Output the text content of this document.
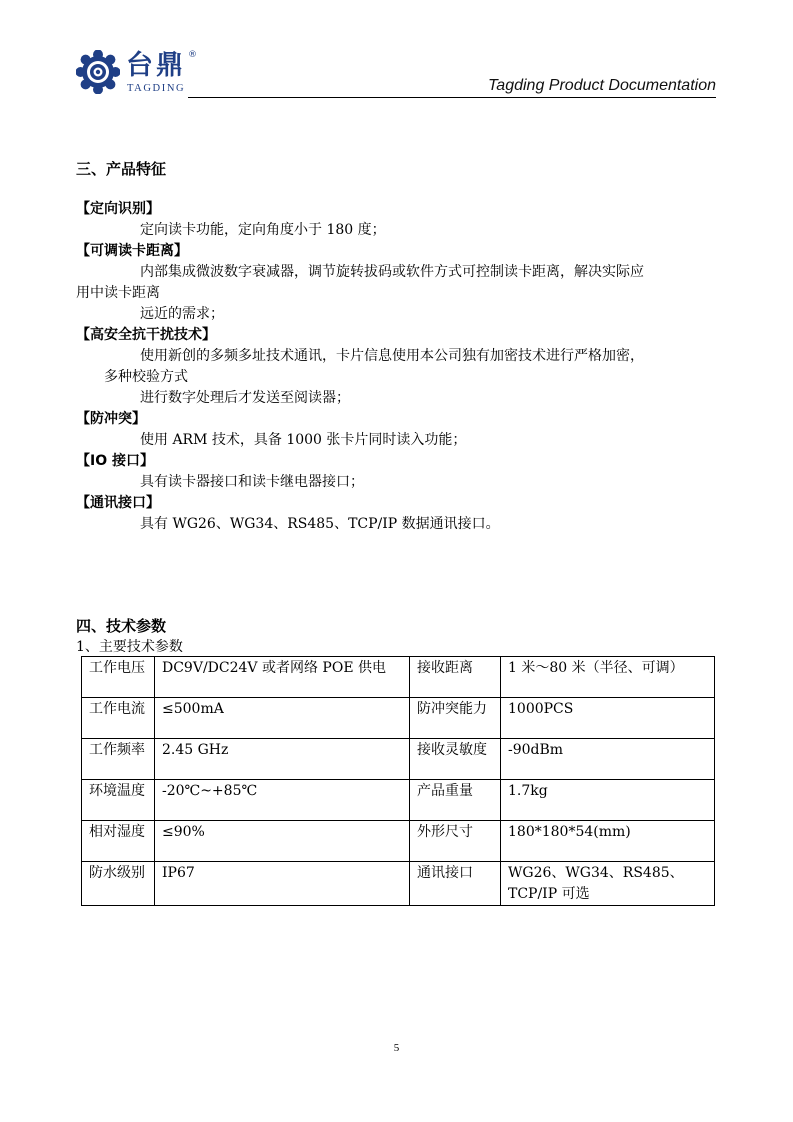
台鼎 ®
TAGDING	Tagding Product Documentation
三、产品特征
【定向识别】
定向读卡功能，定向角度小于 180 度；
【可调读卡距离】
内部集成微波数字衰减器，调节旋转拔码或软件方式可控制读卡距离，解决实际应
用中读卡距离
远近的需求；
【高安全抗干扰技术】
使用新创的多频多址技术通讯，卡片信息使用本公司独有加密技术进行严格加密，
多种校验方式
进行数字处理后才发送至阅读器；
【防冲突】
使用 ARM 技术，具备 1000 张卡片同时读入功能；
【IO 接口】
具有读卡器接口和读卡继电器接口；
【通讯接口】
具有 WG26、WG34、RS485、TCP/IP 数据通讯接口。
四、技术参数
1、主要技术参数
工作电压	DC9V/DC24V 或者网络 POE 供电	接收距离	1 米～80 米（半径、可调）
工作电流	≤500mA	防冲突能力	1000PCS
工作频率	2.45 GHz	接收灵敏度	-90dBm
环境温度	-20℃~+85℃	产品重量	1.7kg
相对湿度	≤90%	外形尺寸	180*180*54(mm)
防水级别	IP67	通讯接口	WG26、WG34、RS485、TCP/IP 可选
5
